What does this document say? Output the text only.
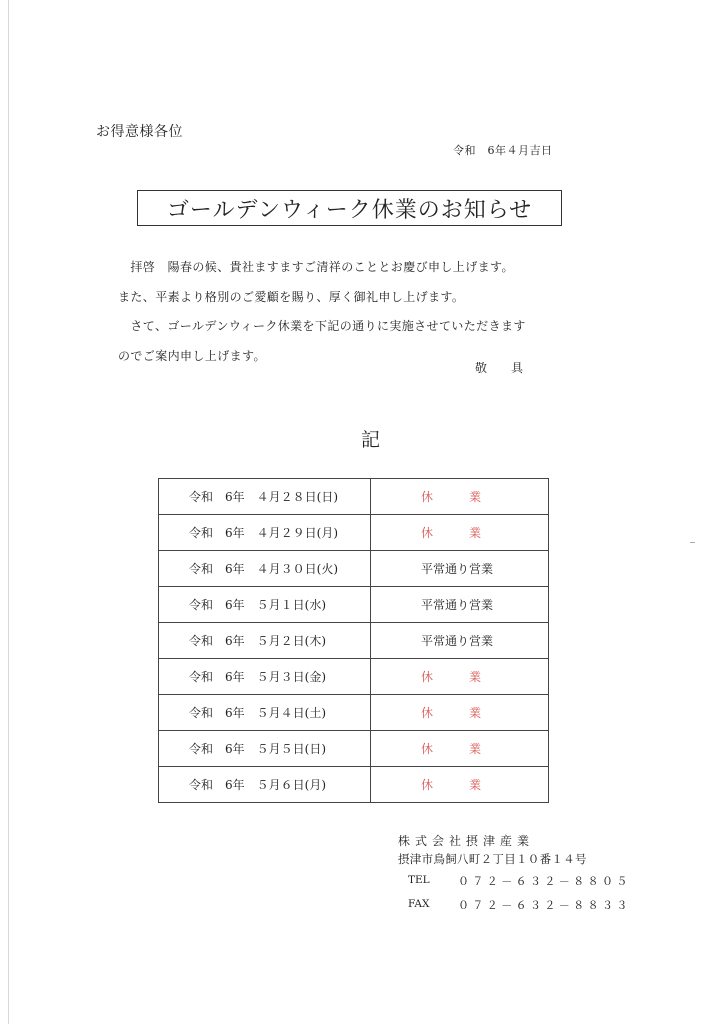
お得意様各位
令和　6年４月吉日
ゴールデンウィーク休業のお知らせ
　拝啓　陽春の候、貴社ますますご清祥のこととお慶び申し上げます。
また、平素より格別のご愛顧を賜り、厚く御礼申し上げます。
　さて、ゴールデンウィーク休業を下記の通りに実施させていただきます
のでご案内申し上げます。
敬　　具
記
令和　6年　４月２８日(日)	休　　　業
令和　6年　４月２９日(月)	休　　　業
令和　6年　４月３０日(火)	平常通り営業
令和　6年　５月１日(水)	平常通り営業
令和　6年　５月２日(木)	平常通り営業
令和　6年　５月３日(金)	休　　　業
令和　6年　５月４日(土)	休　　　業
令和　6年　５月５日(日)	休　　　業
令和　6年　５月６日(月)	休　　　業
株式会社摂津産業
摂津市鳥飼八町２丁目１０番１４号
TEL	０７２－６３２－８８０５
FAX	０７２－６３２－８８３３
